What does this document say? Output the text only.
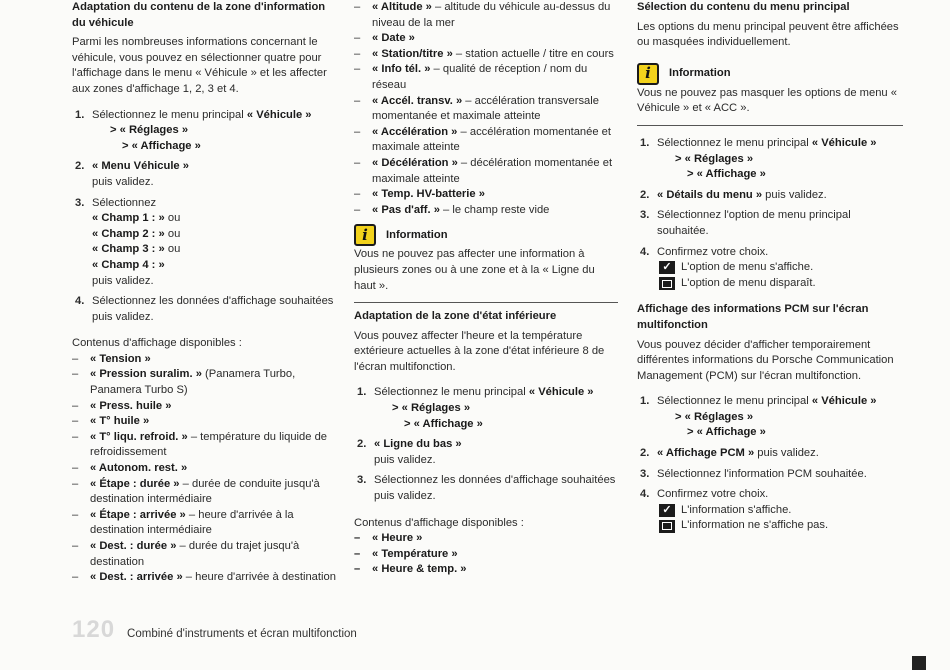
Adaptation du contenu de la zone d'information du véhicule

Parmi les nombreuses informations concernant le véhicule, vous pouvez en sélectionner quatre pour l'affichage dans le menu « Véhicule » et les affecter aux zones d'affichage 1, 2, 3 et 4.

1. Sélectionnez le menu principal « Véhicule »
> « Réglages »
> « Affichage »
2. « Menu Véhicule »
puis validez.
3. Sélectionnez
« Champ 1 : » ou
« Champ 2 : » ou
« Champ 3 : » ou
« Champ 4 : »
puis validez.
4. Sélectionnez les données d'affichage souhaitées puis validez.

Contenus d'affichage disponibles :

– « Tension »
– « Pression suralim. » (Panamera Turbo, Panamera Turbo S)
– « Press. huile »
– « T° huile »
– « T° liqu. refroid. » – température du liquide de refroidissement
– « Autonom. rest. »
– « Étape : durée » – durée de conduite jusqu'à destination intermédiaire
– « Étape : arrivée » – heure d'arrivée à la destination intermédiaire
– « Dest. : durée » – durée du trajet jusqu'à destination
– « Dest. : arrivée » – heure d'arrivée à destination
– « Altitude » – altitude du véhicule au-dessus du niveau de la mer
– « Date »
– « Station/titre » – station actuelle / titre en cours
– « Info tél. » – qualité de réception / nom du réseau
– « Accél. transv. » – accélération transversale momentanée et maximale atteinte
– « Accélération » – accélération momentanée et maximale atteinte
– « Décélération » – décélération momentanée et maximale atteinte
– « Temp. HV-batterie »
– « Pas d'aff. » – le champ reste vide
i	Information

Vous ne pouvez pas affecter une information à plusieurs zones ou à une zone et à la « Ligne du haut ».

Adaptation de la zone d'état inférieure

Vous pouvez affecter l'heure et la température extérieure actuelles à la zone d'état inférieure 8 de l'écran multifonction.

1. Sélectionnez le menu principal « Véhicule »
> « Réglages »
> « Affichage »
2. « Ligne du bas »
puis validez.
3. Sélectionnez les données d'affichage souhaitées puis validez.

Contenus d'affichage disponibles :

– « Heure »
– « Température »
– « Heure & temp. »

Sélection du contenu du menu principal

Les options du menu principal peuvent être affichées ou masquées individuellement.

i	Information

Vous ne pouvez pas masquer les options de menu « Véhicule » et « ACC ».

1. Sélectionnez le menu principal « Véhicule »
> « Réglages »
> « Affichage »
2. « Détails du menu » puis validez.
3. Sélectionnez l'option de menu principal souhaitée.
4. Confirmez votre choix.
✓ L'option de menu s'affiche.
L'option de menu disparaît.

Affichage des informations PCM sur l'écran multifonction

Vous pouvez décider d'afficher temporairement différentes informations du Porsche Communication Management (PCM) sur l'écran multifonction.

1. Sélectionnez le menu principal « Véhicule »
> « Réglages »
> « Affichage »
2. « Affichage PCM » puis validez.
3. Sélectionnez l'information PCM souhaitée.
4. Confirmez votre choix.
✓ L'information s'affiche.
L'information ne s'affiche pas.
120 Combiné d'instruments et écran multifonction
